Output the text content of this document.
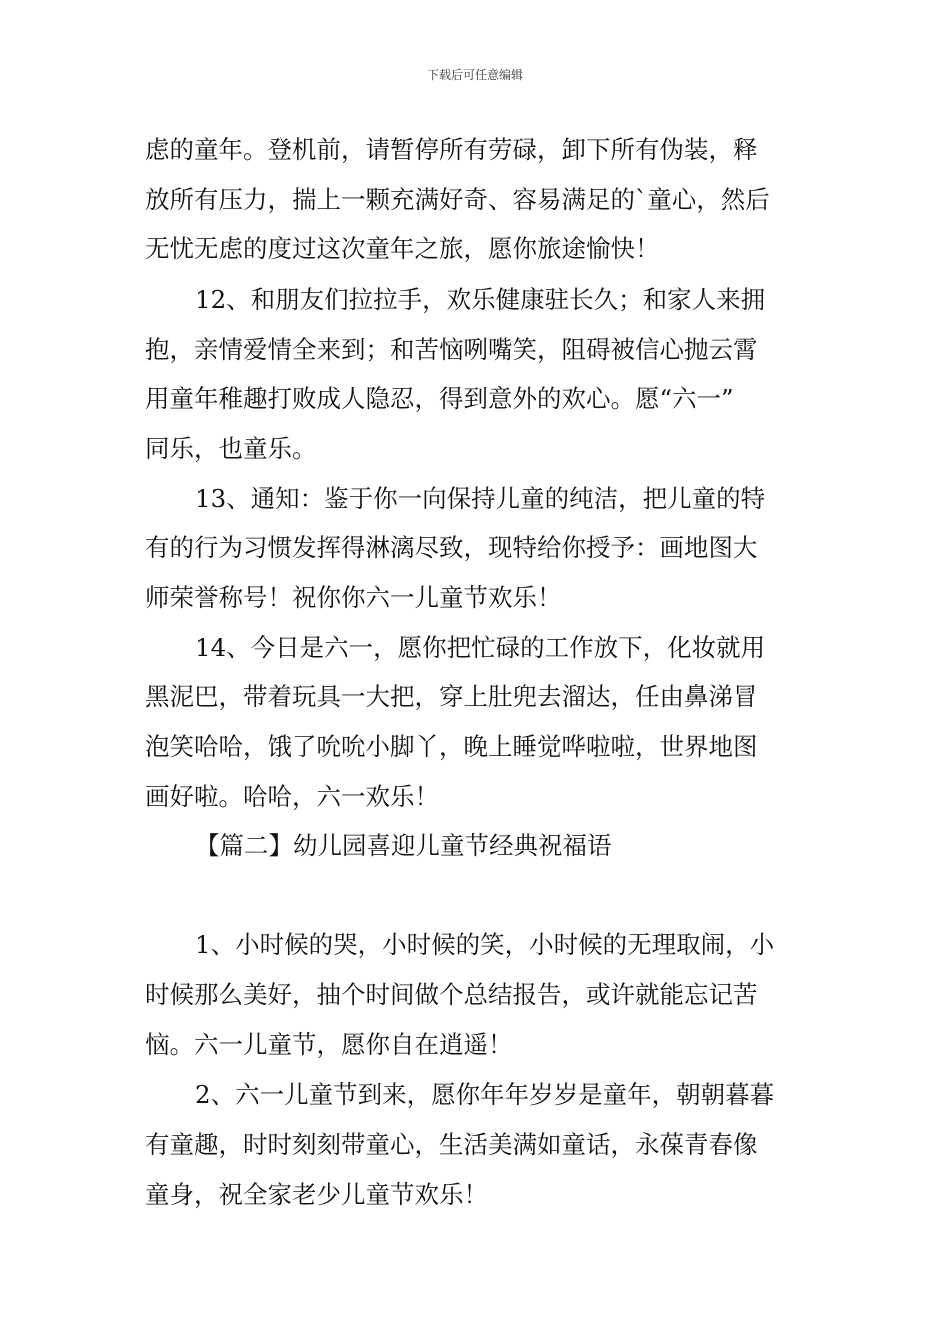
下载后可任意编辑
虑的童年。登机前，请暂停所有劳碌，卸下所有伪装，释
放所有压力，揣上一颗充满好奇、容易满足的`童心，然后
无忧无虑的度过这次童年之旅，愿你旅途愉快！
12、和朋友们拉拉手，欢乐健康驻长久；和家人来拥
抱，亲情爱情全来到；和苦恼咧嘴笑，阻碍被信心抛云霄
用童年稚趣打败成人隐忍，得到意外的欢心。愿“六一”
同乐，也童乐。
13、通知：鉴于你一向保持儿童的纯洁，把儿童的特
有的行为习惯发挥得淋漓尽致，现特给你授予：画地图大
师荣誉称号！祝你你六一儿童节欢乐！
14、今日是六一，愿你把忙碌的工作放下，化妆就用
黑泥巴，带着玩具一大把，穿上肚兜去溜达，任由鼻涕冒
泡笑哈哈，饿了吮吮小脚丫，晚上睡觉哗啦啦，世界地图
画好啦。哈哈，六一欢乐！
【篇二】幼儿园喜迎儿童节经典祝福语
1、小时候的哭，小时候的笑，小时候的无理取闹，小
时候那么美好，抽个时间做个总结报告，或许就能忘记苦
恼。六一儿童节，愿你自在逍遥！
2、六一儿童节到来，愿你年年岁岁是童年，朝朝暮暮
有童趣，时时刻刻带童心，生活美满如童话，永葆青春像
童身，祝全家老少儿童节欢乐！
